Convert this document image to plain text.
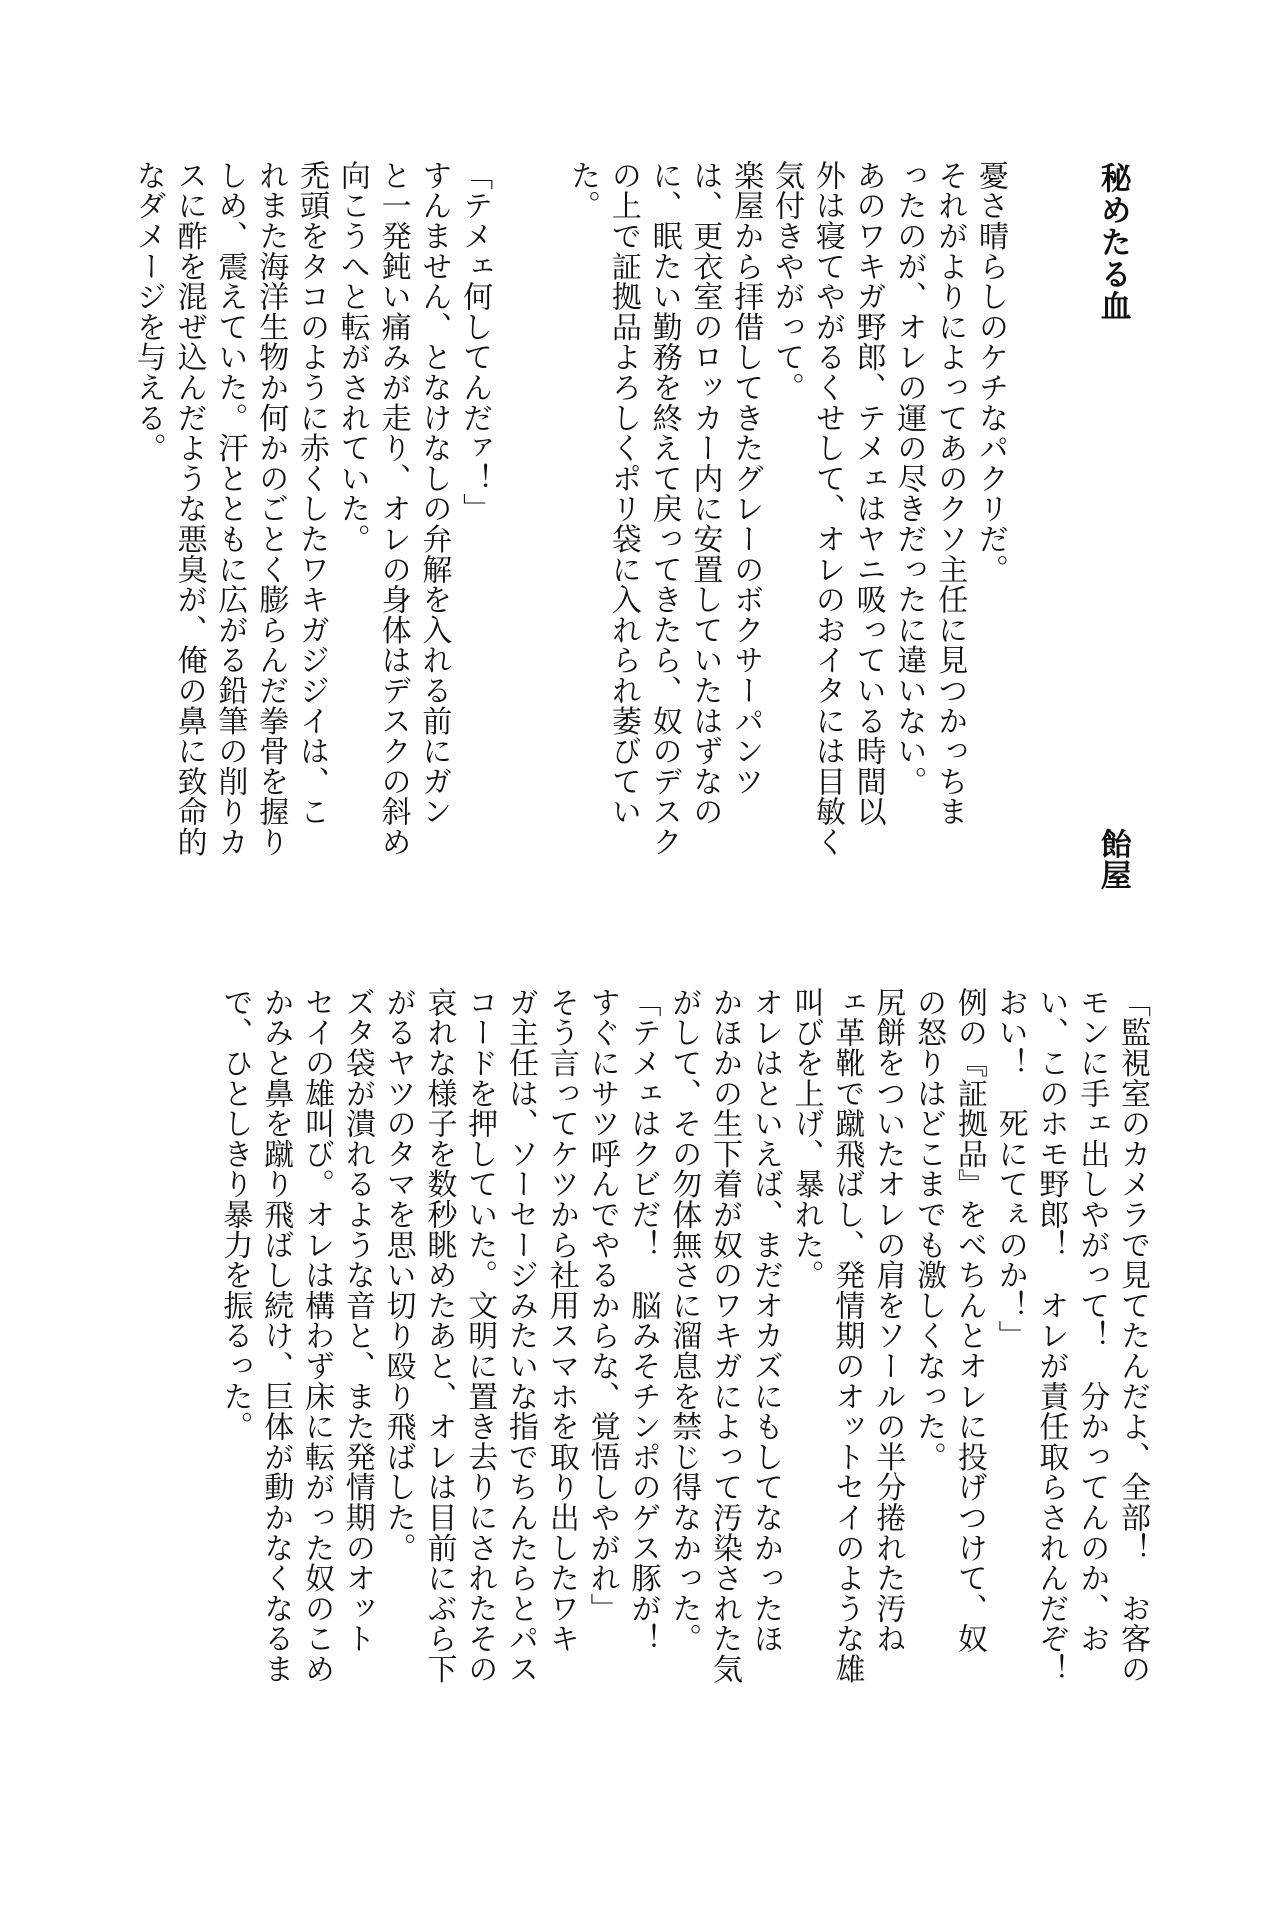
秘めたる血
飴屋
憂さ晴らしのケチなパクリだ。
それがよりによってあのクソ主任に見つかっちま
ったのが、オレの運の尽きだったに違いない。
あのワキガ野郎、テメェはヤニ吸っている時間以
外は寝てやがるくせして、オレのおイタには目敏く
気付きやがって。
楽屋から拝借してきたグレーのボクサーパンツ
は、更衣室のロッカー内に安置していたはずなの
に、眠たい勤務を終えて戻ってきたら、奴のデスク
の上で証拠品よろしくポリ袋に入れられ萎びてい
た。
「テメェ何してんだァ！」
すんません、となけなしの弁解を入れる前にガン
と一発鈍い痛みが走り、オレの身体はデスクの斜め
向こうへと転がされていた。
禿頭をタコのように赤くしたワキガジジイは、こ
れまた海洋生物か何かのごとく膨らんだ拳骨を握り
しめ、震えていた。汗とともに広がる鉛筆の削りカ
スに酢を混ぜ込んだような悪臭が、俺の鼻に致命的
なダメージを与える。
「監視室のカメラで見てたんだよ、全部！　お客の
モンに手ェ出しやがって！　分かってんのか、お
い、このホモ野郎！　オレが責任取らされんだぞ！
おい！　死にてぇのか！」
例の『証拠品』をべちんとオレに投げつけて、奴
の怒りはどこまでも激しくなった。
尻餅をついたオレの肩をソールの半分捲れた汚ね
ェ革靴で蹴飛ばし、発情期のオットセイのような雄
叫びを上げ、暴れた。
オレはといえば、まだオカズにもしてなかったほ
かほかの生下着が奴のワキガによって汚染された気
がして、その勿体無さに溜息を禁じ得なかった。
「テメェはクビだ！　脳みそチンポのゲス豚が！
すぐにサツ呼んでやるからな、覚悟しやがれ」
そう言ってケツから社用スマホを取り出したワキ
ガ主任は、ソーセージみたいな指でちんたらとパス
コードを押していた。文明に置き去りにされたその
哀れな様子を数秒眺めたあと、オレは目前にぶら下
がるヤツのタマを思い切り殴り飛ばした。
ズタ袋が潰れるような音と、また発情期のオット
セイの雄叫び。オレは構わず床に転がった奴のこめ
かみと鼻を蹴り飛ばし続け、巨体が動かなくなるま
で、ひとしきり暴力を振るった。
